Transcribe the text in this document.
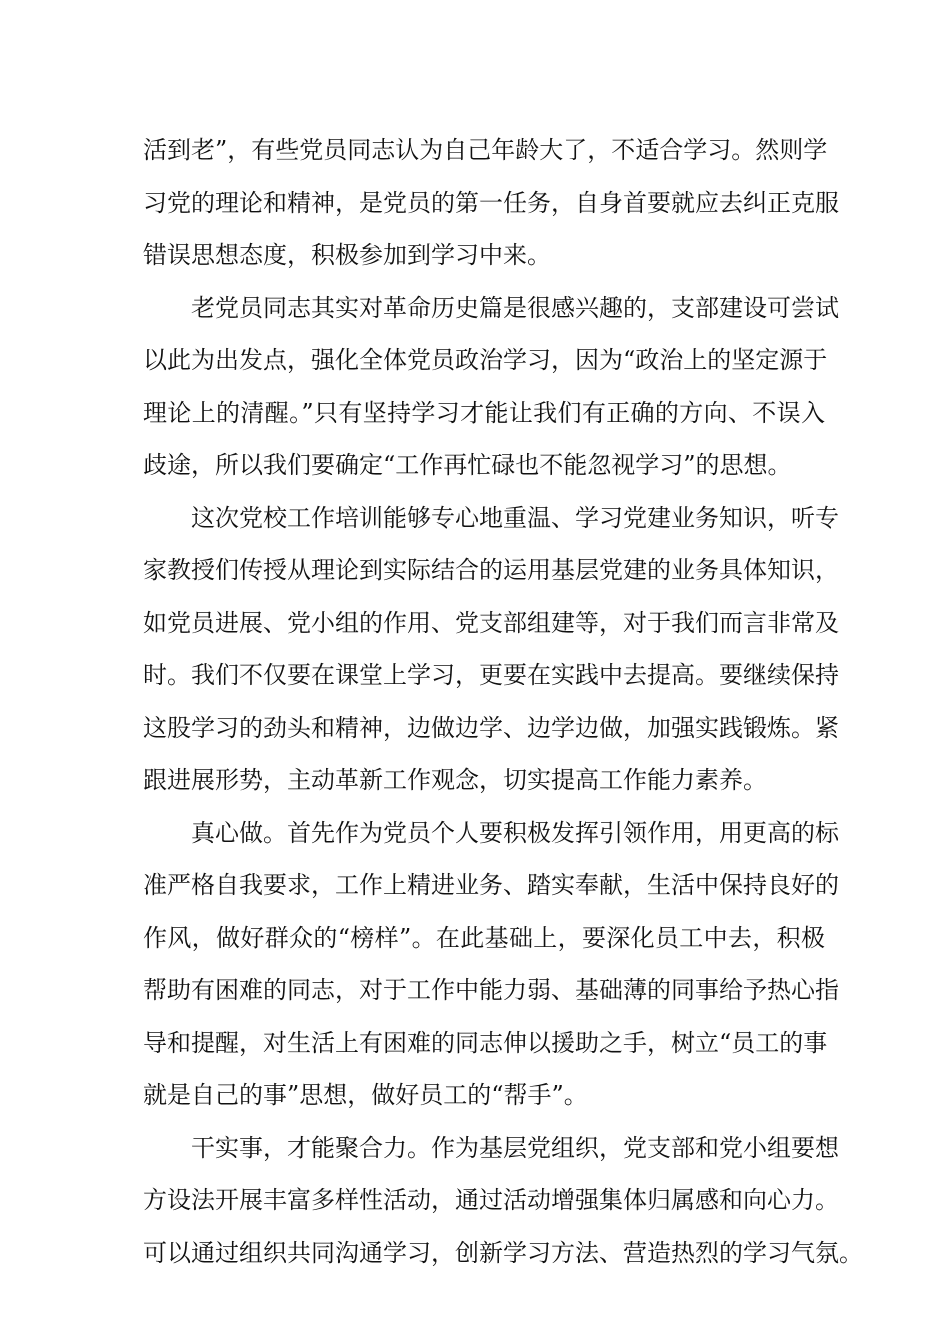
活到老”，有些党员同志认为自己年龄大了，不适合学习。然则学
习党的理论和精神，是党员的第一任务，自身首要就应去纠正克服
错误思想态度，积极参加到学习中来。
老党员同志其实对革命历史篇是很感兴趣的，支部建设可尝试
以此为出发点，强化全体党员政治学习，因为“政治上的坚定源于
理论上的清醒。”只有坚持学习才能让我们有正确的方向、不误入
歧途，所以我们要确定“工作再忙碌也不能忽视学习”的思想。
这次党校工作培训能够专心地重温、学习党建业务知识，听专
家教授们传授从理论到实际结合的运用基层党建的业务具体知识，
如党员进展、党小组的作用、党支部组建等，对于我们而言非常及
时。我们不仅要在课堂上学习，更要在实践中去提高。要继续保持
这股学习的劲头和精神，边做边学、边学边做，加强实践锻炼。紧
跟进展形势，主动革新工作观念，切实提高工作能力素养。
真心做。首先作为党员个人要积极发挥引领作用，用更高的标
准严格自我要求，工作上精进业务、踏实奉献，生活中保持良好的
作风，做好群众的“榜样”。在此基础上，要深化员工中去，积极
帮助有困难的同志，对于工作中能力弱、基础薄的同事给予热心指
导和提醒，对生活上有困难的同志伸以援助之手，树立“员工的事
就是自己的事”思想，做好员工的“帮手”。
干实事，才能聚合力。作为基层党组织，党支部和党小组要想
方设法开展丰富多样性活动，通过活动增强集体归属感和向心力。
可以通过组织共同沟通学习，创新学习方法、营造热烈的学习气氛。
